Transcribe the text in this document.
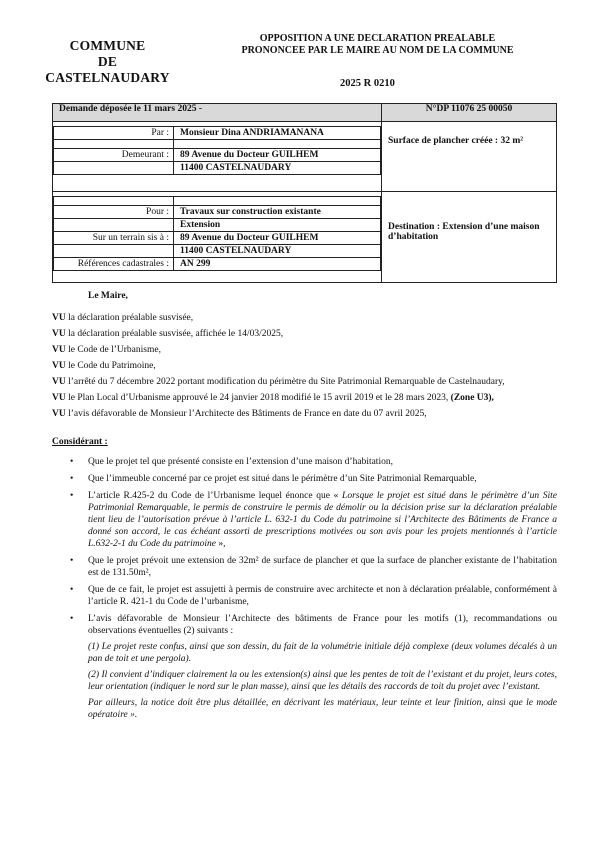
COMMUNE
DE
CASTELNAUDARY
OPPOSITION A UNE DECLARATION PREALABLE
PRONONCEE PAR LE MAIRE AU NOM DE LA COMMUNE
2025 R 0210
Demande déposée le 11 mars 2025 -	N°DP 11076 25 00050

Par :	Monsieur Dina ANDRIAMANANA

Demeurant :	89 Avenue du Docteur GUILHEM
	11400 CASTELNAUDARY
	Surface de plancher créée : 32 m²

Pour :	Travaux sur construction existante
	Extension
Sur un terrain sis à :	89 Avenue du Docteur GUILHEM
	11400 CASTELNAUDARY
Références cadastrales :	AN 299
	Destination : Extension d’une maison d’habitation
Le Maire,

VU la déclaration préalable susvisée,

VU la déclaration préalable susvisée, affichée le 14/03/2025,

VU le Code de l’Urbanisme,

VU le Code du Patrimoine,

VU l’arrêté du 7 décembre 2022 portant modification du périmètre du Site Patrimonial Remarquable de Castelnaudary,

VU le Plan Local d’Urbanisme approuvé le 24 janvier 2018 modifié le 15 avril 2019 et le 28 mars 2023, (Zone U3),

VU l’avis défavorable de Monsieur l’Architecte des Bâtiments de France en date du 07 avril 2025,

Considérant :
• Que le projet tel que présenté consiste en l’extension d’une maison d’habitation,
• Que l’immeuble concerné par ce projet est situé dans le périmètre d’un Site Patrimonial Remarquable,
• L’article R.425-2 du Code de l’Urbanisme lequel énonce que « Lorsque le projet est situé dans le périmètre d’un Site Patrimonial Remarquable, le permis de construire le permis de démolir ou la décision prise sur la déclaration préalable tient lieu de l’autorisation prévue à l’article L. 632-1 du Code du patrimoine si l’Architecte des Bâtiments de France a donné son accord, le cas échéant assorti de prescriptions motivées ou son avis pour les projets mentionnés à l’article L.632-2-1 du Code du patrimoine »,
• Que le projet prévoit une extension de 32m² de surface de plancher et que la surface de plancher existante de l’habitation est de 131.50m²,
• Que de ce fait, le projet est assujetti à permis de construire avec architecte et non à déclaration préalable, conformément à l’article R. 421-1 du Code de l’urbanisme,
• L’avis défavorable de Monsieur l’Architecte des bâtiments de France pour les motifs (1), recommandations ou observations éventuelles (2) suivants :
(1) Le projet reste confus, ainsi que son dessin, du fait de la volumétrie initiale déjà complexe (deux volumes décalés à un pan de toit et une pergola).
(2) Il convient d’indiquer clairement la ou les extension(s) ainsi que les pentes de toit de l’existant et du projet, leurs cotes, leur orientation (indiquer le nord sur le plan masse), ainsi que les détails des raccords de toit du projet avec l’existant.
Par ailleurs, la notice doit être plus détaillée, en décrivant les matériaux, leur teinte et leur finition, ainsi que le mode opératoire ».
